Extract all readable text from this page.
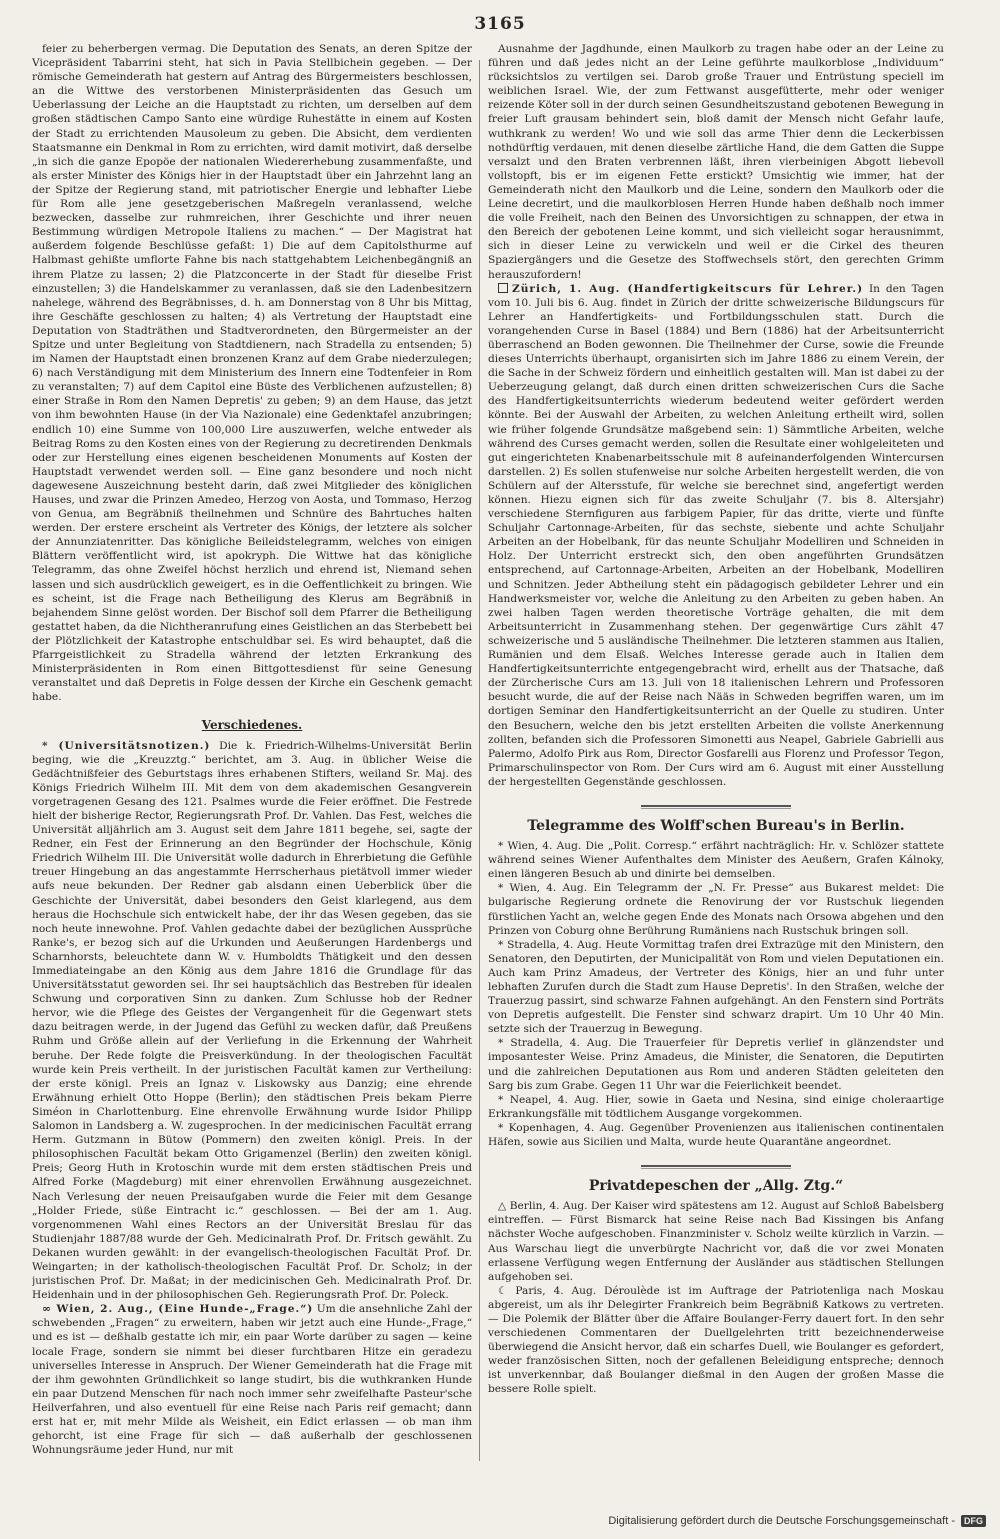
3165

feier zu beherbergen vermag. Die Deputation des Senats, an deren Spitze der Vicepräsident Tabarrini steht, hat sich in Pavia Stellbichein gegeben. — Der römische Gemeinderath hat gestern auf Antrag des Bürgermeisters beschlossen, an die Wittwe des verstorbenen Ministerpräsidenten das Gesuch um Ueberlassung der Leiche an die Hauptstadt zu richten, um derselben auf dem großen städtischen Campo Santo eine würdige Ruhestätte in einem auf Kosten der Stadt zu errichtenden Mausoleum zu geben. Die Absicht, dem verdienten Staatsmanne ein Denkmal in Rom zu errichten, wird damit motivirt, daß derselbe „in sich die ganze Epopöe der nationalen Wiedererhebung zusammenfaßte, und als erster Minister des Königs hier in der Hauptstadt über ein Jahrzehnt lang an der Spitze der Regierung stand, mit patriotischer Energie und lebhafter Liebe für Rom alle jene gesetzgeberischen Maßregeln veranlassend, welche bezwecken, dasselbe zur ruhmreichen, ihrer Geschichte und ihrer neuen Bestimmung würdigen Metropole Italiens zu machen.“ — Der Magistrat hat außerdem folgende Beschlüsse gefaßt: 1) Die auf dem Capitolsthurme auf Halbmast gehißte umflorte Fahne bis nach stattgehabtem Leichenbegängniß an ihrem Platze zu lassen; 2) die Platzconcerte in der Stadt für dieselbe Frist einzustellen; 3) die Handelskammer zu veranlassen, daß sie den Ladenbesitzern nahelege, während des Begräbnisses, d. h. am Donnerstag von 8 Uhr bis Mittag, ihre Geschäfte geschlossen zu halten; 4) als Vertretung der Hauptstadt eine Deputation von Stadträthen und Stadtverordneten, den Bürgermeister an der Spitze und unter Begleitung von Stadtdienern, nach Stradella zu entsenden; 5) im Namen der Hauptstadt einen bronzenen Kranz auf dem Grabe niederzulegen; 6) nach Verständigung mit dem Ministerium des Innern eine Todtenfeier in Rom zu veranstalten; 7) auf dem Capitol eine Büste des Verblichenen aufzustellen; 8) einer Straße in Rom den Namen Depretis' zu geben; 9) an dem Hause, das jetzt von ihm bewohnten Hause (in der Via Nazionale) eine Gedenktafel anzubringen; endlich 10) eine Summe von 100,000 Lire auszuwerfen, welche entweder als Beitrag Roms zu den Kosten eines von der Regierung zu decretirenden Denkmals oder zur Herstellung eines eigenen bescheidenen Monuments auf Kosten der Hauptstadt verwendet werden soll. — Eine ganz besondere und noch nicht dagewesene Auszeichnung besteht darin, daß zwei Mitglieder des königlichen Hauses, und zwar die Prinzen Amedeo, Herzog von Aosta, und Tommaso, Herzog von Genua, am Begräbniß theilnehmen und Schnüre des Bahrtuches halten werden. Der erstere erscheint als Vertreter des Königs, der letztere als solcher der Annunziatenritter. Das königliche Beileidstelegramm, welches von einigen Blättern veröffentlicht wird, ist apokryph. Die Wittwe hat das königliche Telegramm, das ohne Zweifel höchst herzlich und ehrend ist, Niemand sehen lassen und sich ausdrücklich geweigert, es in die Oeffentlichkeit zu bringen. Wie es scheint, ist die Frage nach Betheiligung des Klerus am Begräbniß in bejahendem Sinne gelöst worden. Der Bischof soll dem Pfarrer die Betheiligung gestattet haben, da die Nichtheranrufung eines Geistlichen an das Sterbebett bei der Plötzlichkeit der Katastrophe entschuldbar sei. Es wird behauptet, daß die Pfarrgeistlichkeit zu Stradella während der letzten Erkrankung des Ministerpräsidenten in Rom einen Bittgottesdienst für seine Genesung veranstaltet und daß Depretis in Folge dessen der Kirche ein Geschenk gemacht habe.

Verschiedenes.

* (Universitätsnotizen.) Die k. Friedrich-Wilhelms-Universität Berlin beging, wie die „Kreuzztg.“ berichtet, am 3. Aug. in üblicher Weise die Gedächtnißfeier des Geburtstags ihres erhabenen Stifters, weiland Sr. Maj. des Königs Friedrich Wilhelm III. Mit dem von dem akademischen Gesangverein vorgetragenen Gesang des 121. Psalmes wurde die Feier eröffnet. Die Festrede hielt der bisherige Rector, Regierungsrath Prof. Dr. Vahlen. Das Fest, welches die Universität alljährlich am 3. August seit dem Jahre 1811 begehe, sei, sagte der Redner, ein Fest der Erinnerung an den Begründer der Hochschule, König Friedrich Wilhelm III. Die Universität wolle dadurch in Ehrerbietung die Gefühle treuer Hingebung an das angestammte Herrscherhaus pietätvoll immer wieder aufs neue bekunden. Der Redner gab alsdann einen Ueberblick über die Geschichte der Universität, dabei besonders den Geist klarlegend, aus dem heraus die Hochschule sich entwickelt habe, der ihr das Wesen gegeben, das sie noch heute innewohne. Prof. Vahlen gedachte dabei der bezüglichen Aussprüche Ranke's, er bezog sich auf die Urkunden und Aeußerungen Hardenbergs und Scharnhorsts, beleuchtete dann W. v. Humboldts Thätigkeit und den dessen Immediateingabe an den König aus dem Jahre 1816 die Grundlage für das Universitätsstatut geworden sei. Ihr sei hauptsächlich das Bestreben für idealen Schwung und corporativen Sinn zu danken. Zum Schlusse hob der Redner hervor, wie die Pflege des Geistes der Vergangenheit für die Gegenwart stets dazu beitragen werde, in der Jugend das Gefühl zu wecken dafür, daß Preußens Ruhm und Größe allein auf der Verliefung in die Erkennung der Wahrheit beruhe. Der Rede folgte die Preisverkündung. In der theologischen Facultät wurde kein Preis vertheilt. In der juristischen Facultät kamen zur Vertheilung: der erste königl. Preis an Ignaz v. Liskowsky aus Danzig; eine ehrende Erwähnung erhielt Otto Hoppe (Berlin); den städtischen Preis bekam Pierre Siméon in Charlottenburg. Eine ehrenvolle Erwähnung wurde Isidor Philipp Salomon in Landsberg a. W. zugesprochen. In der medicinischen Facultät errang Herm. Gutzmann in Bütow (Pommern) den zweiten königl. Preis. In der philosophischen Facultät bekam Otto Grigamenzel (Berlin) den zweiten königl. Preis; Georg Huth in Krotoschin wurde mit dem ersten städtischen Preis und Alfred Forke (Magdeburg) mit einer ehrenvollen Erwähnung ausgezeichnet. Nach Verlesung der neuen Preisaufgaben wurde die Feier mit dem Gesange „Holder Friede, süße Eintracht ic.“ geschlossen. — Bei der am 1. Aug. vorgenommenen Wahl eines Rectors an der Universität Breslau für das Studienjahr 1887/88 wurde der Geh. Medicinalrath Prof. Dr. Fritsch gewählt. Zu Dekanen wurden gewählt: in der evangelisch-theologischen Facultät Prof. Dr. Weingarten; in der katholisch-theologischen Facultät Prof. Dr. Scholz; in der juristischen Prof. Dr. Maßat; in der medicinischen Geh. Medicinalrath Prof. Dr. Heidenhain und in der philosophischen Geh. Regierungsrath Prof. Dr. Poleck.

∞ Wien, 2. Aug., (Eine Hunde-„Frage.“) Um die ansehnliche Zahl der schwebenden „Fragen“ zu erweitern, haben wir jetzt auch eine Hunde-„Frage,“ und es ist — deßhalb gestatte ich mir, ein paar Worte darüber zu sagen — keine locale Frage, sondern sie nimmt bei dieser furchtbaren Hitze ein geradezu universelles Interesse in Anspruch. Der Wiener Gemeinderath hat die Frage mit der ihm gewohnten Gründlichkeit so lange studirt, bis die wuthkranken Hunde ein paar Dutzend Menschen für nach noch immer sehr zweifelhafte Pasteur'sche Heilverfahren, und also eventuell für eine Reise nach Paris reif gemacht; dann erst hat er, mit mehr Milde als Weisheit, ein Edict erlassen — ob man ihm gehorcht, ist eine Frage für sich — daß außerhalb der geschlossenen Wohnungsräume jeder Hund, nur mit

Ausnahme der Jagdhunde, einen Maulkorb zu tragen habe oder an der Leine zu führen und daß jedes nicht an der Leine geführte maulkorblose „Individuum“ rücksichtslos zu vertilgen sei. Darob große Trauer und Entrüstung speciell im weiblichen Israel. Wie, der zum Fettwanst ausgefütterte, mehr oder weniger reizende Köter soll in der durch seinen Gesundheitszustand gebotenen Bewegung in freier Luft grausam behindert sein, bloß damit der Mensch nicht Gefahr laufe, wuthkrank zu werden! Wo und wie soll das arme Thier denn die Leckerbissen nothdürftig verdauen, mit denen dieselbe zärtliche Hand, die dem Gatten die Suppe versalzt und den Braten verbrennen läßt, ihren vierbeinigen Abgott liebevoll vollstopft, bis er im eigenen Fette erstickt? Umsichtig wie immer, hat der Gemeinderath nicht den Maulkorb und die Leine, sondern den Maulkorb oder die Leine decretirt, und die maulkorblosen Herren Hunde haben deßhalb noch immer die volle Freiheit, nach den Beinen des Unvorsichtigen zu schnappen, der etwa in den Bereich der gebotenen Leine kommt, und sich vielleicht sogar herausnimmt, sich in dieser Leine zu verwickeln und weil er die Cirkel des theuren Spaziergängers und die Gesetze des Stoffwechsels stört, den gerechten Grimm herauszufordern!

Zürich, 1. Aug. (Handfertigkeitscurs für Lehrer.) In den Tagen vom 10. Juli bis 6. Aug. findet in Zürich der dritte schweizerische Bildungscurs für Lehrer an Handfertigkeits- und Fortbildungsschulen statt. Durch die vorangehenden Curse in Basel (1884) und Bern (1886) hat der Arbeitsunterricht überraschend an Boden gewonnen. Die Theilnehmer der Curse, sowie die Freunde dieses Unterrichts überhaupt, organisirten sich im Jahre 1886 zu einem Verein, der die Sache in der Schweiz fördern und einheitlich gestalten will. Man ist dabei zu der Ueberzeugung gelangt, daß durch einen dritten schweizerischen Curs die Sache des Handfertigkeitsunterrichts wiederum bedeutend weiter gefördert werden könnte. Bei der Auswahl der Arbeiten, zu welchen Anleitung ertheilt wird, sollen wie früher folgende Grundsätze maßgebend sein: 1) Sämmtliche Arbeiten, welche während des Curses gemacht werden, sollen die Resultate einer wohlgeleiteten und gut eingerichteten Knabenarbeitsschule mit 8 aufeinanderfolgenden Wintercursen darstellen. 2) Es sollen stufenweise nur solche Arbeiten hergestellt werden, die von Schülern auf der Altersstufe, für welche sie berechnet sind, angefertigt werden können. Hiezu eignen sich für das zweite Schuljahr (7. bis 8. Altersjahr) verschiedene Sternfiguren aus farbigem Papier, für das dritte, vierte und fünfte Schuljahr Cartonnage-Arbeiten, für das sechste, siebente und achte Schuljahr Arbeiten an der Hobelbank, für das neunte Schuljahr Modelliren und Schneiden in Holz. Der Unterricht erstreckt sich, den oben angeführten Grundsätzen entsprechend, auf Cartonnage-Arbeiten, Arbeiten an der Hobelbank, Modelliren und Schnitzen. Jeder Abtheilung steht ein pädagogisch gebildeter Lehrer und ein Handwerksmeister vor, welche die Anleitung zu den Arbeiten zu geben haben. An zwei halben Tagen werden theoretische Vorträge gehalten, die mit dem Arbeitsunterricht in Zusammenhang stehen. Der gegenwärtige Curs zählt 47 schweizerische und 5 ausländische Theilnehmer. Die letzteren stammen aus Italien, Rumänien und dem Elsaß. Welches Interesse gerade auch in Italien dem Handfertigkeitsunterrichte entgegengebracht wird, erhellt aus der Thatsache, daß der Zürcherische Curs am 13. Juli von 18 italienischen Lehrern und Professoren besucht wurde, die auf der Reise nach Nääs in Schweden begriffen waren, um im dortigen Seminar den Handfertigkeitsunterricht an der Quelle zu studiren. Unter den Besuchern, welche den bis jetzt erstellten Arbeiten die vollste Anerkennung zollten, befanden sich die Professoren Simonetti aus Neapel, Gabriele Gabrielli aus Palermo, Adolfo Pirk aus Rom, Director Gosfarelli aus Florenz und Professor Tegon, Primarschulinspector von Rom. Der Curs wird am 6. August mit einer Ausstellung der hergestellten Gegenstände geschlossen.

Telegramme des Wolff'schen Bureau's in Berlin.

* Wien, 4. Aug. Die „Polit. Corresp.“ erfährt nachträglich: Hr. v. Schlözer stattete während seines Wiener Aufenthaltes dem Minister des Aeußern, Grafen Kálnoky, einen längeren Besuch ab und dinirte bei demselben.

* Wien, 4. Aug. Ein Telegramm der „N. Fr. Presse“ aus Bukarest meldet: Die bulgarische Regierung ordnete die Renovirung der vor Rustschuk liegenden fürstlichen Yacht an, welche gegen Ende des Monats nach Orsowa abgehen und den Prinzen von Coburg ohne Berührung Rumäniens nach Rustschuk bringen soll.

* Stradella, 4. Aug. Heute Vormittag trafen drei Extrazüge mit den Ministern, den Senatoren, den Deputirten, der Municipalität von Rom und vielen Deputationen ein. Auch kam Prinz Amadeus, der Vertreter des Königs, hier an und fuhr unter lebhaften Zurufen durch die Stadt zum Hause Depretis'. In den Straßen, welche der Trauerzug passirt, sind schwarze Fahnen aufgehängt. An den Fenstern sind Porträts von Depretis aufgestellt. Die Fenster sind schwarz drapirt. Um 10 Uhr 40 Min. setzte sich der Trauerzug in Bewegung.

* Stradella, 4. Aug. Die Trauerfeier für Depretis verlief in glänzendster und imposantester Weise. Prinz Amadeus, die Minister, die Senatoren, die Deputirten und die zahlreichen Deputationen aus Rom und anderen Städten geleiteten den Sarg bis zum Grabe. Gegen 11 Uhr war die Feierlichkeit beendet.

* Neapel, 4. Aug. Hier, sowie in Gaeta und Nesina, sind einige choleraartige Erkrankungsfälle mit tödtlichem Ausgange vorgekommen.

* Kopenhagen, 4. Aug. Gegenüber Provenienzen aus italienischen continentalen Häfen, sowie aus Sicilien und Malta, wurde heute Quarantäne angeordnet.

Privatdepeschen der „Allg. Ztg.“

△ Berlin, 4. Aug. Der Kaiser wird spätestens am 12. August auf Schloß Babelsberg eintreffen. — Fürst Bismarck hat seine Reise nach Bad Kissingen bis Anfang nächster Woche aufgeschoben. Finanzminister v. Scholz weilte kürzlich in Varzin. — Aus Warschau liegt die unverbürgte Nachricht vor, daß die vor zwei Monaten erlassene Verfügung wegen Entfernung der Ausländer aus städtischen Stellungen aufgehoben sei.

☾ Paris, 4. Aug. Déroulède ist im Auftrage der Patriotenliga nach Moskau abgereist, um als ihr Delegirter Frankreich beim Begräbniß Katkows zu vertreten. — Die Polemik der Blätter über die Affaire Boulanger-Ferry dauert fort. In den sehr verschiedenen Commentaren der Duellgelehrten tritt bezeichnenderweise überwiegend die Ansicht hervor, daß ein scharfes Duell, wie Boulanger es gefordert, weder französischen Sitten, noch der gefallenen Beleidigung entspreche; dennoch ist unverkennbar, daß Boulanger dießmal in den Augen der großen Masse die bessere Rolle spielt.

Digitalisierung gefördert durch die Deutsche Forschungsgemeinschaft -	DFG
